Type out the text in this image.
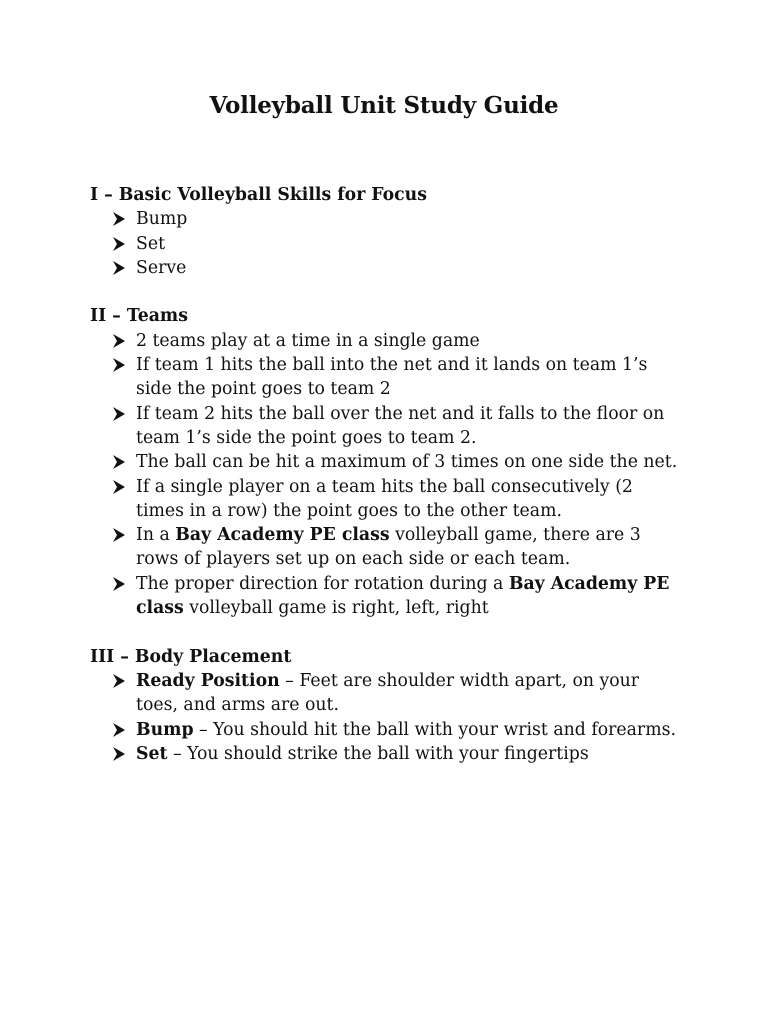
Volleyball Unit Study Guide
I – Basic Volleyball Skills for Focus
Bump
Set
Serve
II – Teams
2 teams play at a time in a single game
If team 1 hits the ball into the net and it lands on team 1’s side the point goes to team 2
If team 2 hits the ball over the net and it falls to the floor on team 1’s side the point goes to team 2.
The ball can be hit a maximum of 3 times on one side the net.
If a single player on a team hits the ball consecutively (2 times in a row) the point goes to the other team.
In a Bay Academy PE class volleyball game, there are 3 rows of players set up on each side or each team.
The proper direction for rotation during a Bay Academy PE class volleyball game is right, left, right
III – Body Placement
Ready Position – Feet are shoulder width apart, on your toes, and arms are out.
Bump – You should hit the ball with your wrist and forearms.
Set – You should strike the ball with your fingertips
